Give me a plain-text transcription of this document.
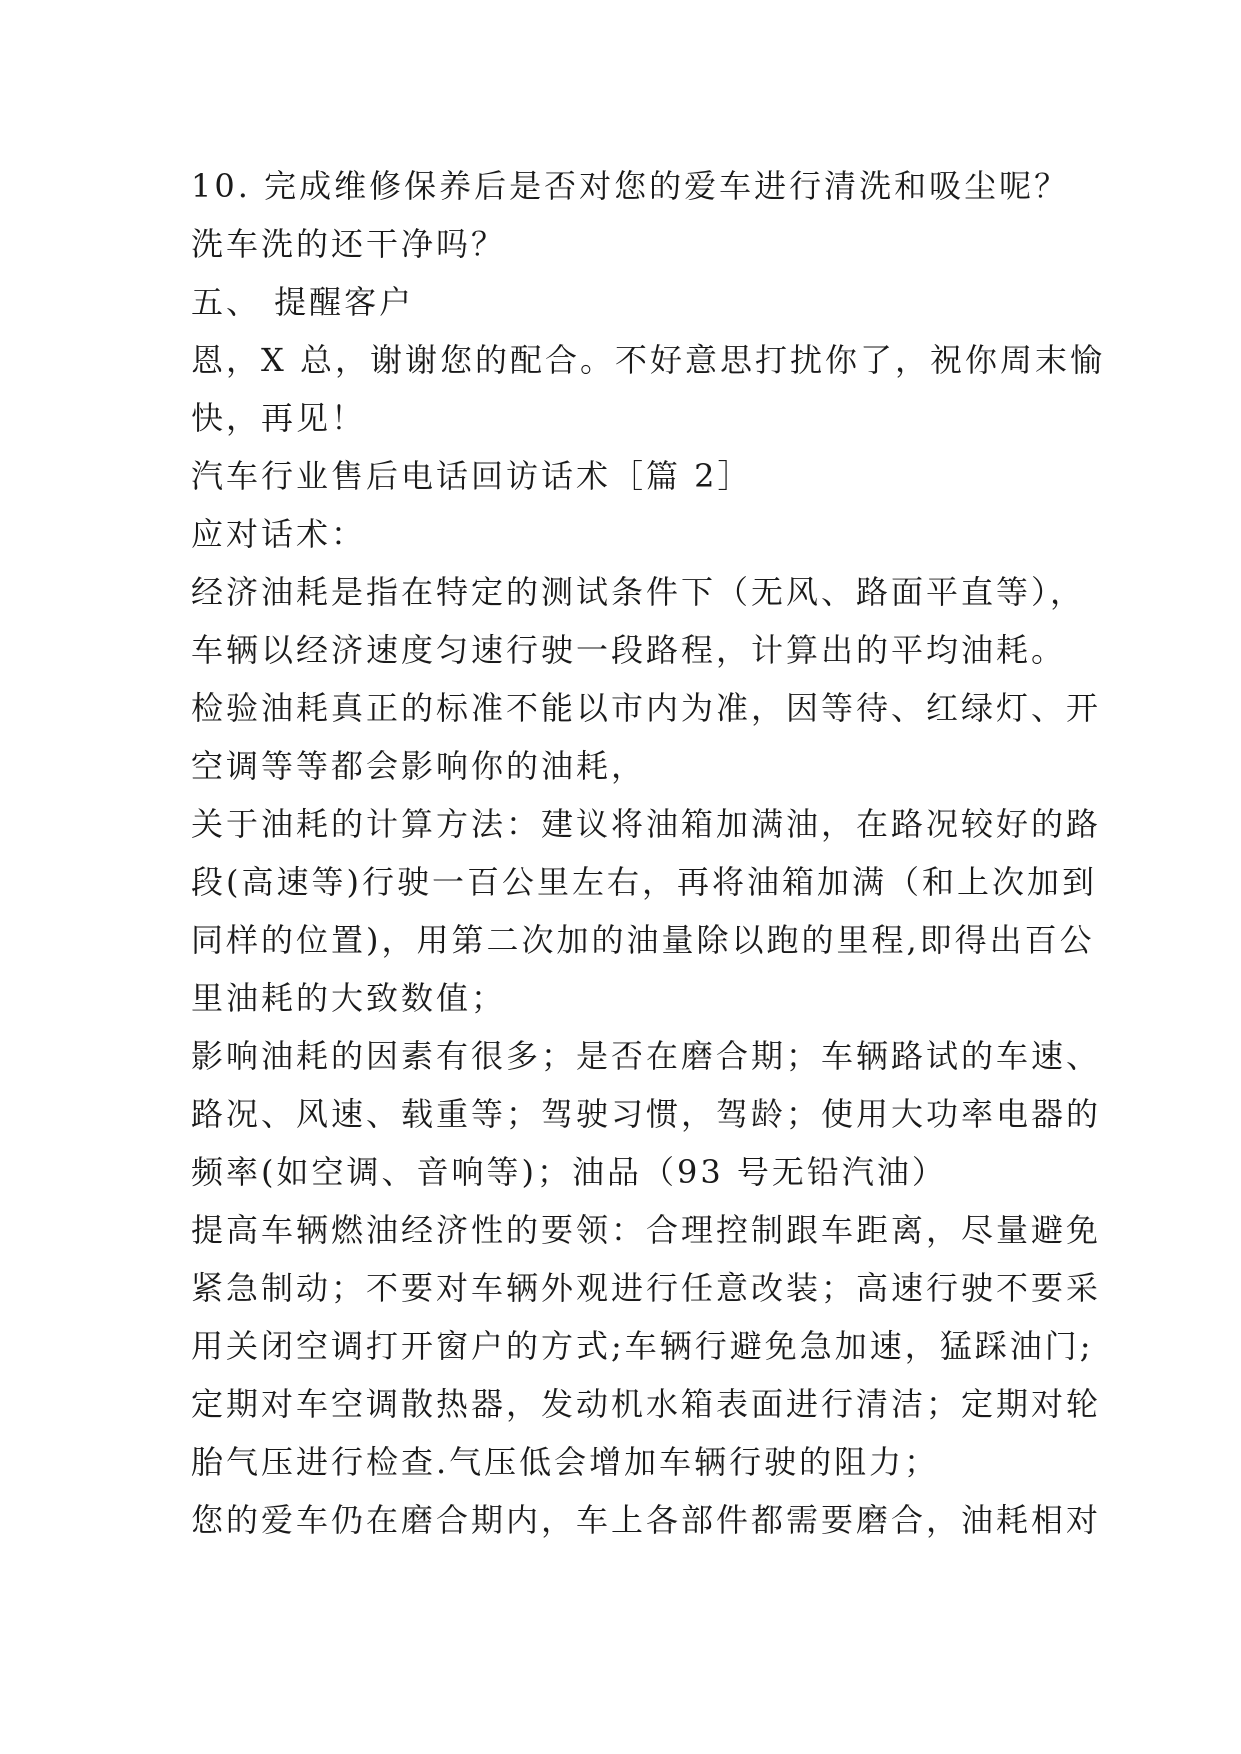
10. 完成维修保养后是否对您的爱车进行清洗和吸尘呢？
洗车洗的还干净吗？
五、 提醒客户
恩，X 总，谢谢您的配合。不好意思打扰你了，祝你周末愉
快，再见！
汽车行业售后电话回访话术［篇 2］
应对话术：
经济油耗是指在特定的测试条件下（无风、路面平直等），
车辆以经济速度匀速行驶一段路程，计算出的平均油耗。
检验油耗真正的标准不能以市内为准，因等待、红绿灯、开
空调等等都会影响你的油耗，
关于油耗的计算方法：建议将油箱加满油，在路况较好的路
段(高速等)行驶一百公里左右，再将油箱加满（和上次加到
同样的位置)，用第二次加的油量除以跑的里程,即得出百公
里油耗的大致数值；
影响油耗的因素有很多；是否在磨合期；车辆路试的车速、
路况、风速、载重等；驾驶习惯，驾龄；使用大功率电器的
频率(如空调、音响等)；油品（93 号无铅汽油）
提高车辆燃油经济性的要领：合理控制跟车距离，尽量避免
紧急制动；不要对车辆外观进行任意改装；高速行驶不要采
用关闭空调打开窗户的方式;车辆行避免急加速，猛踩油门;
定期对车空调散热器，发动机水箱表面进行清洁；定期对轮
胎气压进行检查.气压低会增加车辆行驶的阻力；
您的爱车仍在磨合期内，车上各部件都需要磨合，油耗相对
